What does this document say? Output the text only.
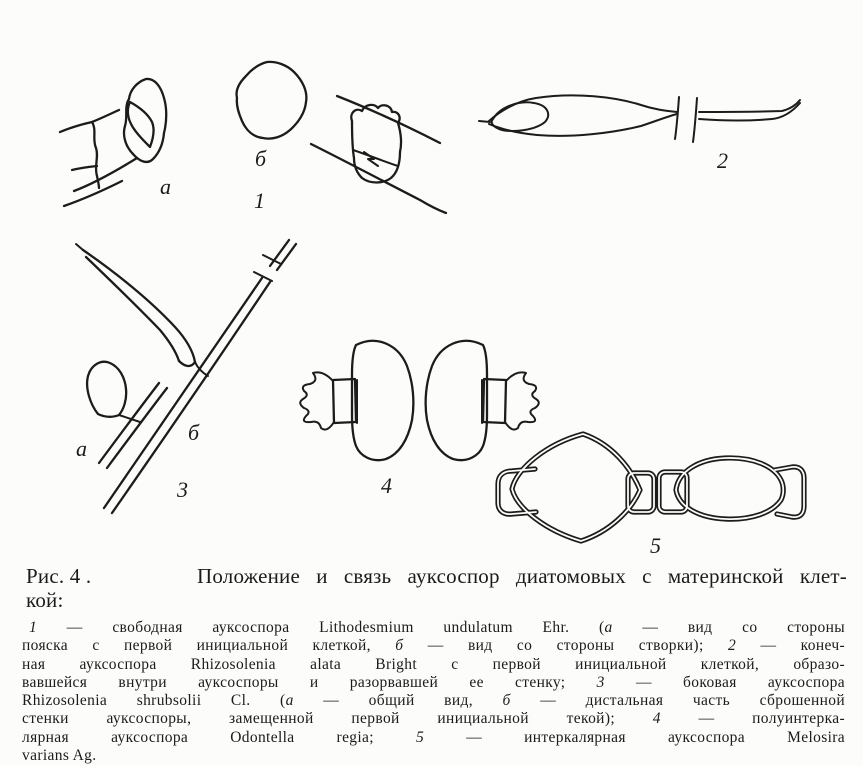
а
б
1
2
а
б
3	4
5
Рис. 4 .	Положение и связь ауксоспор диатомовых с материнской клет-
кой:
1 — свободная ауксоспора Lithodesmium undulatum Ehr. (а — вид со стороны
пояска с первой инициальной клеткой, б — вид со стороны створки); 2 — конеч-
ная ауксоспора Rhizosolenia alata Bright с первой инициальной клеткой, образо-
вавшейся внутри ауксоспоры и разорвавшей ее стенку; 3 — боковая ауксоспора
Rhizosolenia shrubsolii Cl. (а — общий вид, б — дистальная часть сброшенной
стенки ауксоспоры, замещенной первой инициальной текой); 4 — полуинтерка-
лярная ауксоспора Odontella regia; 5 — интеркалярная ауксоспора Melosira
varians Ag.
